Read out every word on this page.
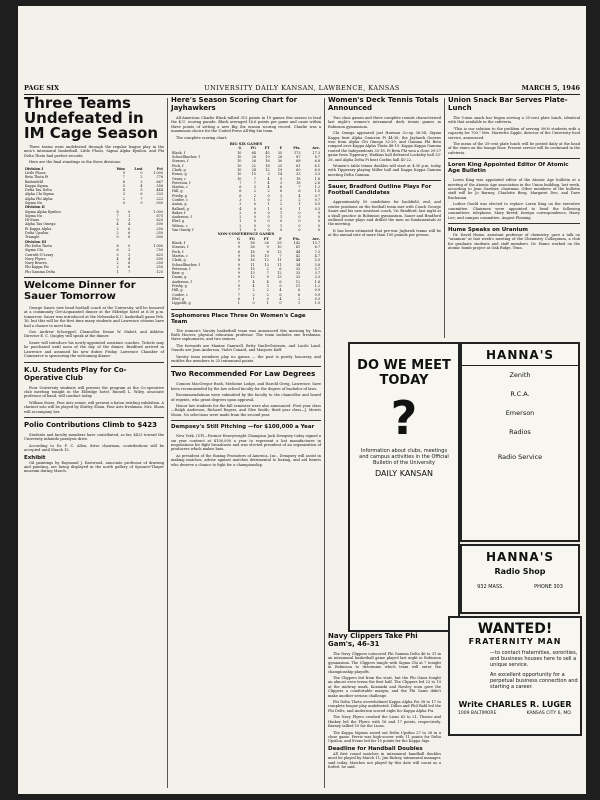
PAGE SIX	UNIVERSITY DAILY KANSAN, LAWRENCE, KANSAS	MARCH 5, 1946
Three Teams Undefeated in IM Cage Season

Three teams went undefeated through the regular league play in the men's intramural basketball. Little Phoos, Sigma Alpha Epsilon, and Phi Delta Theta had perfect records.

Here are the final standings in the three divisions:

Division I	Won	Lost	Pct
Little Phoos	9	0	1.000
Beta Theta Pi	7	2	.778
Battenfeld	6	3	.667
Kappa Sigma	5	4	.556
Delta Tau Delta	4	5	.444
Alpha Chi Sigma	3	6	.333
Alpha Phi Alpha	2	7	.222
Sigma Nu	0	9	.000
Division II			
Sigma Alpha Epsilon	8	0	1.000
Sigma Nu	7	1	.875
Hi-Stars	5	3	.625
Alpha Tau Omega	4	4	.500
Pi Kappa Alpha	2	6	.250
Delta Upsilon	2	6	.250
Triangle	0	8	.000
Division III			
Phi Delta Theta	8	0	1.000
Sigma Chi	6	2	.750
Carruth-O'Leary	5	3	.625
Navy Flyers	4	4	.500
Navy Braves	2	6	.250
Phi Kappa Psi	2	6	.250
Phi Gamma Delta	1	7	.125
Welcome Dinner for Sauer Tomorrow

George Sauer, new head football coach at the University, will be honored at a community Get-Acquainted dinner at the Eldridge hotel at 6:30 p.m. tomorrow. Sauer was introduced at the Nebraska-K.U. basketball game Feb. 16, but this will be the first time many students and Lawrence citizens have had a chance to meet him.

Gov. Andrew Schoeppel, Chancellor Deane W. Malott, and Athletic Director E. C. Quigley will speak at the dinner.

Sauer will introduce his newly-appointed assistant coaches. Tickets may be purchased until noon of the day of the dinner. Bradford arrived in Lawrence and assumed his new duties Friday. Lawrence Chamber of Commerce is sponsoring the welcoming dinner.

K.U. Students Play for Co-Operative Club

Four University students will present the program at the Co-operative club meeting tonight in the Eldridge hotel. Russell L. Wiley, associate professor of band, will conduct today.

William Sears, Fine Arts senior, will present a baton twirling exhibition. A clarinet solo will be played by Shirley Sloan, Fine Arts freshman. Mrs. Sloan will accompany her.

Polio Contributions Climb to $423

Students and faculty members have contributed, so far, $423 toward the University infantile paralysis drive.

According to Dr. F. C. Allen, drive chairman, contributions will be accepted until March 15.

Exhibit

Oil paintings by Raymond J. Eastwood, associate professor of drawing and painting, are being displayed in the north gallery of Spooner-Thayer museum during March.

Here's Season Scoring Chart for Jayhawkers

All-American Charlie Black tallied 315 points in 19 games this season to lead the K.U. scoring parade. Black averaged 16.6 points per game and came within three points of setting a new Big Six season scoring record. Charlie was a unanimous choice for the United Press All-Big Six team.

The complete scoring chart:

BIG SIX GAMES
	G	FG	FT	F	Pts.	Ave.
Black, f	10	64	45	35	173	17.3
Schnellbacher, f	10	28	19	28	87	8.7
Strauss, f	10	26	16	30	68	6.8
Peck, f	10	22	18	25	61	6.1
Clark, g	10	24	12	19	60	6.0
Evans, g	10	15	3	14	33	3.3
Geary, c	10	7	4	9	18	1.8
Peterson, f	7	7	4	3	18	2.6
Martin, c	6	3	4	6	7	1.2
Hill, g	6	2	2	8	6	1.0
Frisby, g	6	2	0	3	4	0.7
Corder, c	3	1	0	2	2	0.7
Anton, g	2	0	1	2	1	0.5
Ballard, g	4	0	1	0	1	0.3
Baker, f	2	0	0	1	0	0
Anderson, f	2	0	0	1	0	0
Ebel, g	1	0	0	0	0	0
Wilson, c	2	0	0	1	0	0
Van Gundy, f	1	0	0	0	0	0
NON-CONFERENCE GAMES
	G	FG	FT	F	Pts.	Ave.
Black, f	9	58	26	29	142	15.7
Strauss, f	9	26	9	10	61	6.7
Peck, f	6	18	8	12	44	7.3
Martin, c	9	16	10	7	42	4.7
Clark, g	8	16	12	11	44	5.5
Schnellbacher, f	9	11	13	11	34	3.8
Peterson, f	9	15	2	6	33	3.7
Barr, g	9	13	7	12	33	3.7
Daum, g	9	12	9	13	33	3.3
Anderson, f	7	4	4	6	12	1.8
Frisby, g	9	4	3	9	11	1.2
Hill, g	7	2	2	4	6	0.9
Corder, c	7	2	2	6	6	0.9
Ebel, g	6	1	0	4	2	0.3
Lippoldt, g	1	0	1	0	1	1.0
Sophomores Place Three On Women's Cage Team

The women's Varsity basketball team was announced this morning by Miss Ruth Hoover, physical education professor. The team includes one freshman, three sophomores, and two seniors.

The forwards are Maxine Gamwell, Betty VanDeGriessen, and Lucile Land. Guards are Joan Anderson, Violet Conard, and Marjorie Kaff.

Varsity team members play no games — the post is purely honorary, and entitles the members to 25 intramural points.

Two Recommended For Law Degrees

Comora MacGregor Rush, Medicine Lodge, and Harold Greig, Lawrence, have been recommended by the law school faculty for the degree of bachelor of laws.

Recommendations were submitted by the faculty to the chancellor and board of regents, who grant degrees upon approval.

Honor law students for the fall semester were also announced. First year class—Ralph Anderson, Richard Rogers, and Glee Smith; third year class—J. Morris Moon. No selections were made from the second year.

Dempsey's Still Pitching —for $100,000 a Year

New York, (UP)—Former Heavyweight Champion Jack Dempsey today signed a six year contract at $100,000 a year to represent a hat manufacturer in negotiations for fight broadcasts and was elected president of an organization of producers which makes hats.

As president of the Boxing Promoters of America, Inc., Dempsey will assist in making matches, advise against matches detrimental to boxing, and aid boxers who deserve a chance to fight for a championship.

Women's Deck Tennis Totals Announced

Two class games and three complete rounds characterized last night's women's intramural deck tennis games in Robinson gymnasium.

Chi Omega appeared just Harmon Co-op 36-34; Sigma Kappa beat Alpha Omicron Pi 44-38; the Jayhawk Queens won from Alpha Chi Omega 32-29; and Gamma Phi Beta romped over Kappa Alpha Theta 48-19. Kappa Kappa Gamma routed the Independents 33-18. Pi Beta Phi won a close 29-27 game from Tipperary; Watkins hall defeated Locksley hall 33-26, and Alpha Delta Pi beat Corbin hall 41-22.

Women's table tennis doubles will start at 4:30 p.m. today with Tipperary playing Miller hall and Kappa Kappa Gamma meeting Delta Gamma.

Sauer, Bradford Outline Plays For Football Candidates

Approximately 50 candidates for backfield, end, and center positions on the football team met with Coach George Sauer and his new assistant coach, Vic Bradford, last night at a skull practice in Robinson gymnasium. Sauer and Bradford outlined some plays and drilled the men on fundamentals at the meeting.

It has been estimated that pre-war Jayhawk teams will be at the annual rate of more than 100 pounds per person.

Union Snack Bar Serves Plate-Lunch

The Union snack bar began serving a 35-cent plate lunch, identical with that available in the cafeteria.

"This is our solution to the problem of serving 3000 students with a capacity for 700," Mrs. Harriette Zipple, director of the University food service, announced.

The menu of the 35-cent plate lunch will be posted daily at the head of the stairs on the lounge floor. Present service will be continued in the cafeteria.

Loren King Appointed Editor Of Atomic Age Bulletin

Loren King was appointed editor of the Atomic Age bulletin at a meeting of the Atomic Age association in the Union building, last week, according to Jean Gardner, chairman. Other members of the bulletin staff will be Jo Barney, Charlotte Berg, Margaret Dee, and Dave Buchanan.

Luther Gould was elected to replace Loren King on the executive committee. Chairmen were appointed to head the following committees: telephone, Mary Breed; foreign correspondence, Harry Lee; and campus committee, August Fleming.

Hume Speaks on Uranium

Dr. David Hume, assistant professor of chemistry, gave a talk on "uranium" at last week's meeting of the Chemistry Colloquium, a club for graduate students and staff members. Dr. Hume worked on the atomic bomb project at Oak Ridge, Tenn.

DO WE MEET TODAY
?
Information about clubs, meetings and campus activities in the Official Bulletin of the University
DAILY KANSAN
Navy Clippers Take Phi Gam's, 46-31

The Navy Clippers outscored Phi Gamma Delta 46 to 31 in an intramural basketball game played last night in Robinson gymnasium. The Clippers tangle with Sigma Chi at 7 tonight in Robinson to determine which team will enter the championship playoffs.

The Clippers led from the start, but the Phi Gams fought an almost even terms the first half. The Clippers led 22 to 19 at the midway mark. Kozmiski and Rowley soon gave the Clippers a comfortable margin, and the Phi Gams didn't make another serious challenge.

Phi Delta Theta overwhelmed Kappa Alpha Psi 38 to 17 to complete league play undefeated. Dillon and Phil Bahl led the Phi Delts, and Anderson scored eight for Kappa Alpha Psi.

The Navy Flyers crushed the Lions 62 to 21, Thorne and Hinkey led the Flyers with 16 and 17 points, respectively. Barney tallied 10 for the Lions.

The Kappa Sigmas nosed out Delta Upsilon 27 to 26 in a close game. Ferris was high-scorer with 11 points for Delta Upsilon, and Evans led for 10 points for the Kappa Sigs.

Deadline for Handball Doubles

All first round matches in intramural handball doubles must be played by March 11, Jim Rickey, intramural manager, said today. Matches not played by this date will count as a forfeit, he said.

HANNA'S
Zenith
R.C.A.
Emerson
Radios
Radio Service
HANNA'S
Radio Shop
932 MASS.	PHONE 303
WANTED!
FRATERNITY MAN
—to contact fraternities, sororities, and business houses here to sell a unique service.
An excellent opportunity for a perpetual business connection and starting a career.
Write CHARLES R. LUGER
1009 BALTIMORE	KANSAS CITY 6, MO.
